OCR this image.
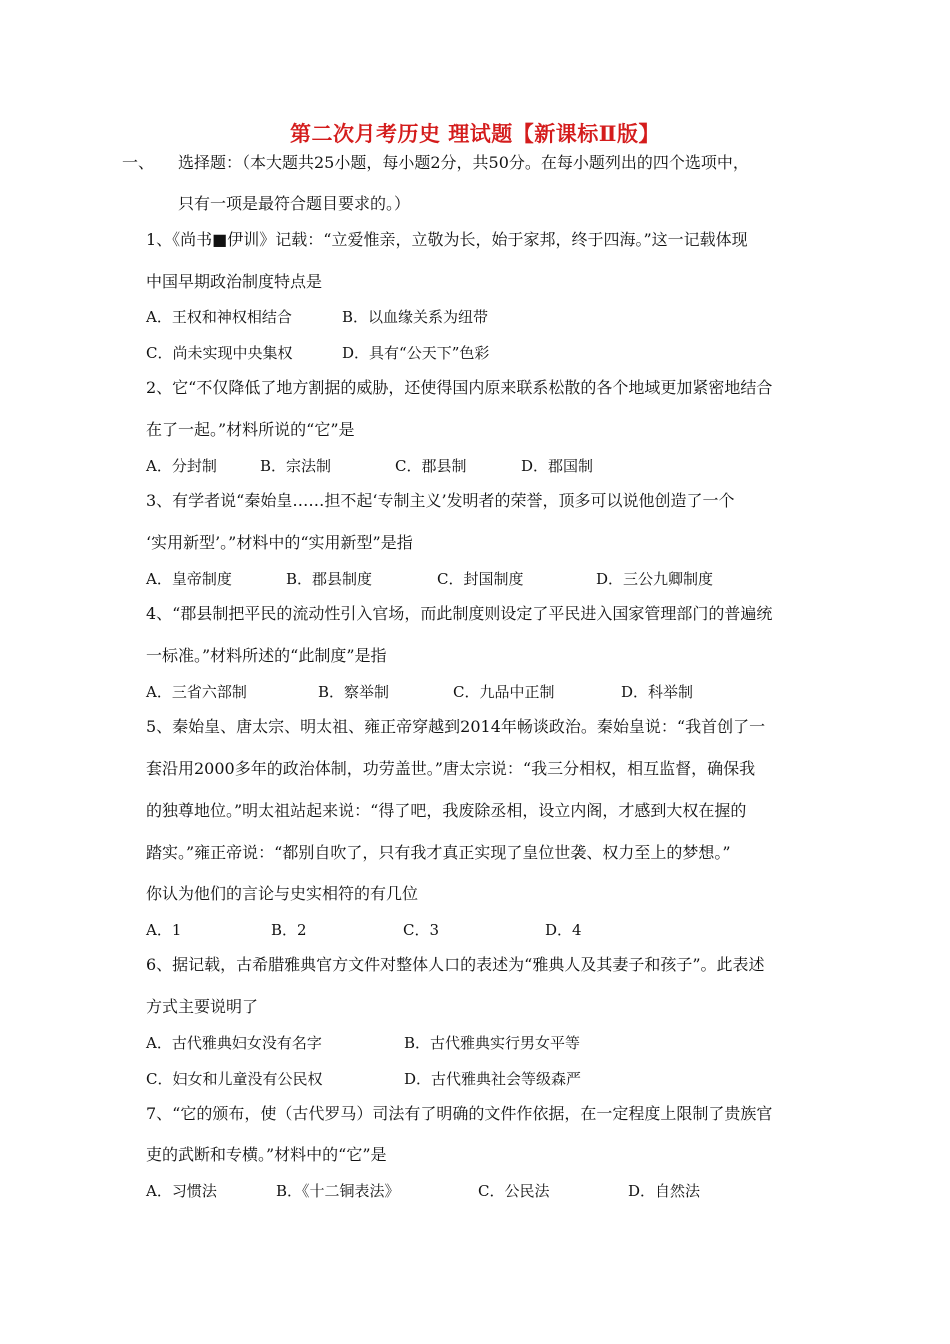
第二次月考历史 理试题【新课标Ⅱ版】
一、 选择题：（本大题共25小题，每小题2分，共50分。在每小题列出的四个选项中，
只有一项是最符合题目要求的。）
1、《尚书■伊训》记载：“立爱惟亲，立敬为长，始于家邦，终于四海。”这一记载体现
中国早期政治制度特点是
A．王权和神权相结合	B．以血缘关系为纽带
C．尚未实现中央集权	D．具有“公天下”色彩
2、它“不仅降低了地方割据的威胁，还使得国内原来联系松散的各个地域更加紧密地结合
在了一起。”材料所说的“它”是
A．分封制	B．宗法制	C．郡县制	D．郡国制
3、有学者说“秦始皇……担不起‘专制主义’发明者的荣誉，顶多可以说他创造了一个
‘实用新型’。”材料中的“实用新型”是指
A．皇帝制度	B．郡县制度	C．封国制度	D．三公九卿制度
4、“郡县制把平民的流动性引入官场，而此制度则设定了平民进入国家管理部门的普遍统
一标准。”材料所述的“此制度”是指
A．三省六部制	B．察举制	C．九品中正制	D．科举制
5、秦始皇、唐太宗、明太祖、雍正帝穿越到2014年畅谈政治。秦始皇说：“我首创了一
套沿用2000多年的政治体制，功劳盖世。”唐太宗说：“我三分相权，相互监督，确保我
的独尊地位。”明太祖站起来说：“得了吧，我废除丞相，设立内阁，才感到大权在握的
踏实。”雍正帝说：“都别自吹了，只有我才真正实现了皇位世袭、权力至上的梦想。”
你认为他们的言论与史实相符的有几位
A．1	B．2	C．3	D．4
6、据记载，古希腊雅典官方文件对整体人口的表述为“雅典人及其妻子和孩子”。此表述
方式主要说明了
A．古代雅典妇女没有名字	B．古代雅典实行男女平等
C．妇女和儿童没有公民权	D．古代雅典社会等级森严
7、“它的颁布，使（古代罗马）司法有了明确的文件作依据，在一定程度上限制了贵族官
吏的武断和专横。”材料中的“它”是
A．习惯法	B．《十二铜表法》	C．公民法	D．自然法
